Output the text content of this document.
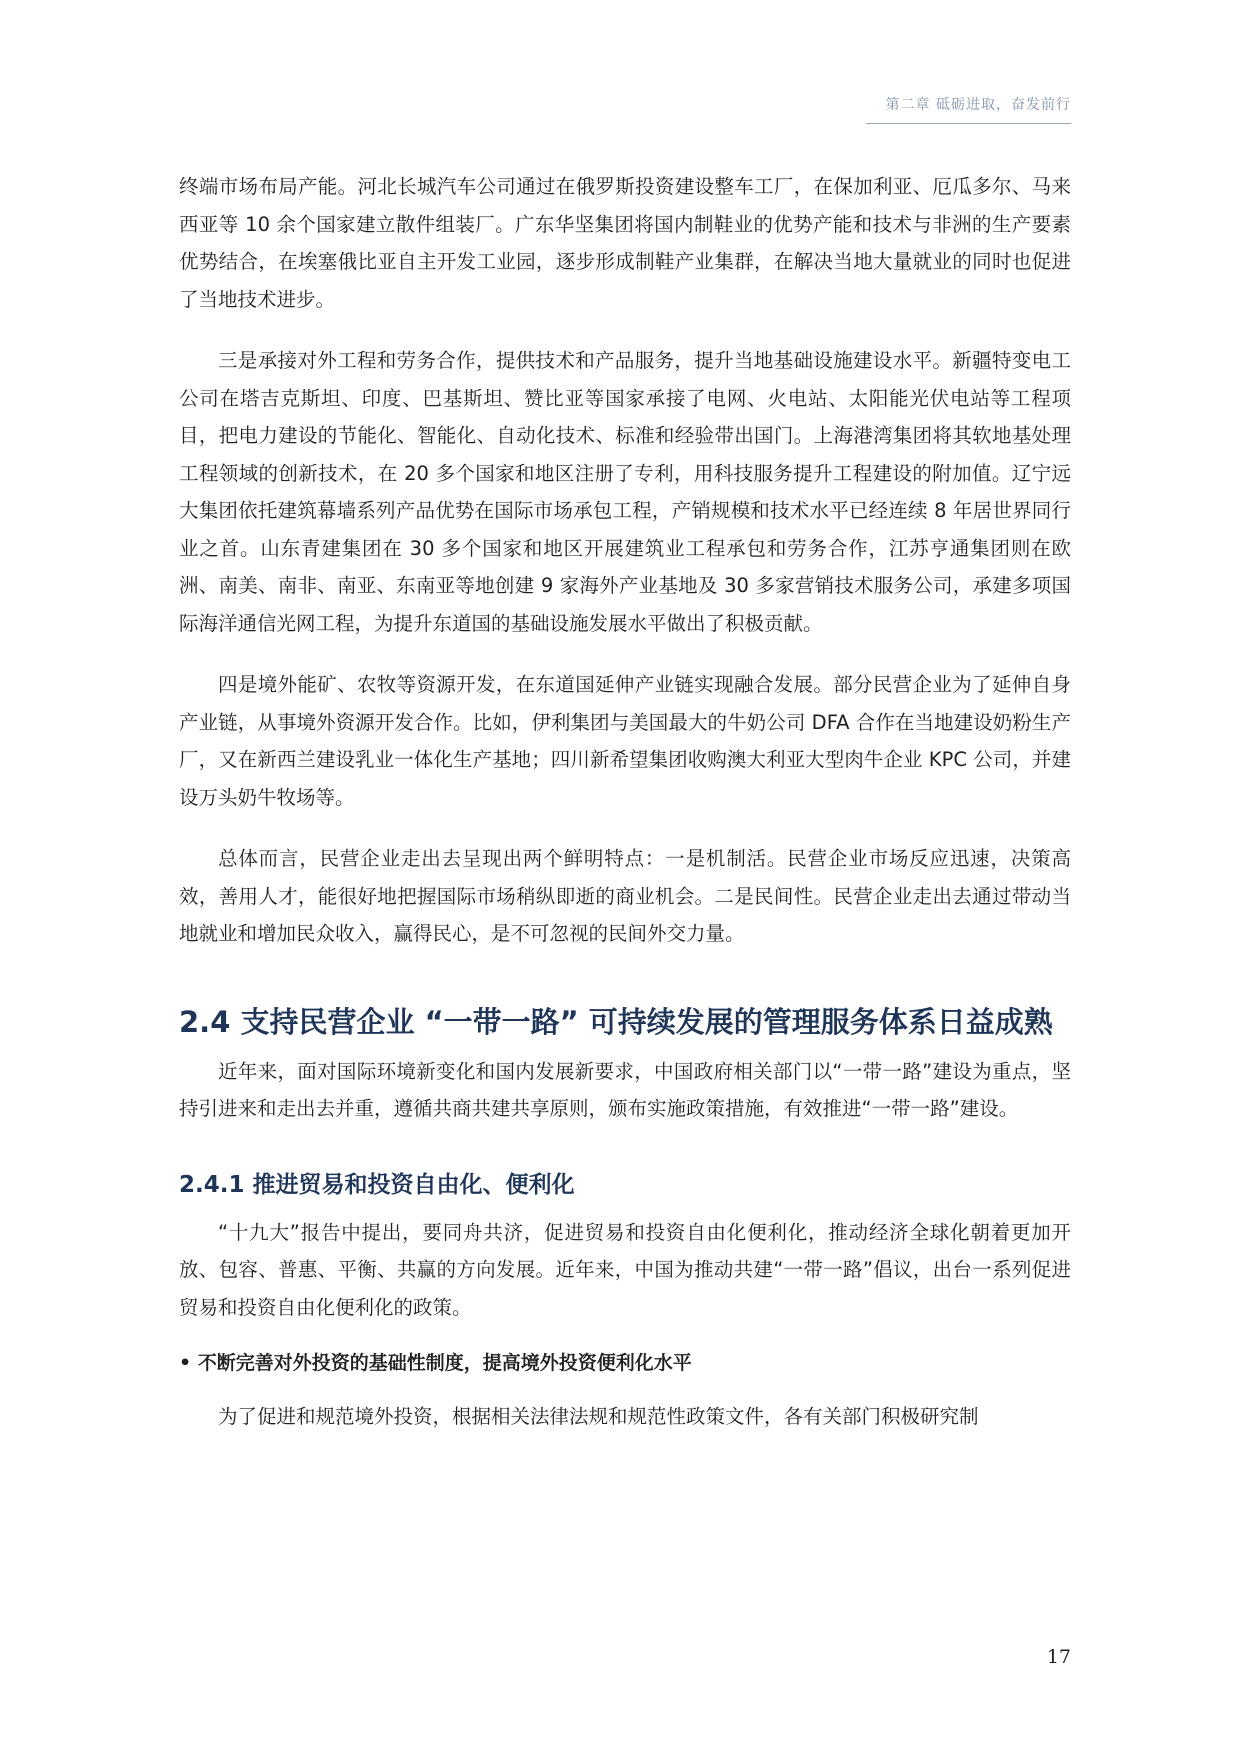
第二章 砥砺进取，奋发前行

终端市场布局产能。河北长城汽车公司通过在俄罗斯投资建设整车工厂，在保加利亚、厄瓜多尔、马来西亚等 10 余个国家建立散件组装厂。广东华坚集团将国内制鞋业的优势产能和技术与非洲的生产要素优势结合，在埃塞俄比亚自主开发工业园，逐步形成制鞋产业集群，在解决当地大量就业的同时也促进了当地技术进步。

三是承接对外工程和劳务合作，提供技术和产品服务，提升当地基础设施建设水平。新疆特变电工公司在塔吉克斯坦、印度、巴基斯坦、赞比亚等国家承接了电网、火电站、太阳能光伏电站等工程项目，把电力建设的节能化、智能化、自动化技术、标准和经验带出国门。上海港湾集团将其软地基处理工程领域的创新技术，在 20 多个国家和地区注册了专利，用科技服务提升工程建设的附加值。辽宁远大集团依托建筑幕墙系列产品优势在国际市场承包工程，产销规模和技术水平已经连续 8 年居世界同行业之首。山东青建集团在 30 多个国家和地区开展建筑业工程承包和劳务合作，江苏亨通集团则在欧洲、南美、南非、南亚、东南亚等地创建 9 家海外产业基地及 30 多家营销技术服务公司，承建多项国际海洋通信光网工程，为提升东道国的基础设施发展水平做出了积极贡献。

四是境外能矿、农牧等资源开发，在东道国延伸产业链实现融合发展。部分民营企业为了延伸自身产业链，从事境外资源开发合作。比如，伊利集团与美国最大的牛奶公司 DFA 合作在当地建设奶粉生产厂，又在新西兰建设乳业一体化生产基地；四川新希望集团收购澳大利亚大型肉牛企业 KPC 公司，并建设万头奶牛牧场等。

总体而言，民营企业走出去呈现出两个鲜明特点：一是机制活。民营企业市场反应迅速，决策高效，善用人才，能很好地把握国际市场稍纵即逝的商业机会。二是民间性。民营企业走出去通过带动当地就业和增加民众收入，赢得民心，是不可忽视的民间外交力量。

2.4 支持民营企业 “一带一路” 可持续发展的管理服务体系日益成熟

近年来，面对国际环境新变化和国内发展新要求，中国政府相关部门以“一带一路”建设为重点，坚持引进来和走出去并重，遵循共商共建共享原则，颁布实施政策措施，有效推进“一带一路”建设。

2.4.1 推进贸易和投资自由化、便利化

“十九大”报告中提出，要同舟共济，促进贸易和投资自由化便利化，推动经济全球化朝着更加开放、包容、普惠、平衡、共赢的方向发展。近年来，中国为推动共建“一带一路”倡议，出台一系列促进贸易和投资自由化便利化的政策。

• 不断完善对外投资的基础性制度，提高境外投资便利化水平

为了促进和规范境外投资，根据相关法律法规和规范性政策文件，各有关部门积极研究制

17
